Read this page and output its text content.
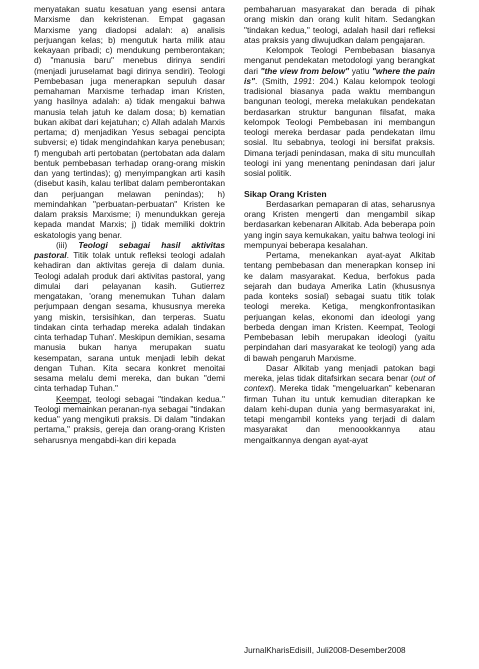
menyatakan suatu kesatuan yang esensi antara Marxisme dan kekristenan. Empat gagasan Marxisme yang diadopsi adalah: a) analisis perjuangan kelas; b) mengutuk harta milik atau kekayaan pribadi; c) mendukung pemberontakan; d) "manusia baru" menebus dirinya sendiri (menjadi juruselamat bagi dirinya sendiri). Teologi Pembebasan juga menerapkan sepuluh dasar pemahaman Marxisme terhadap iman Kristen, yang hasilnya adalah: a) tidak mengakui bahwa manusia telah jatuh ke dalam dosa; b) kematian bukan akibat dari kejatuhan; c) Allah adalah Marxis pertama; d) menjadikan Yesus sebagai pencipta subversi; e) tidak mengindahkan karya penebusan; f) mengubah arti pertobatan (pertobatan ada dalam bentuk pembebasan terhadap orang-orang miskin dan yang tertindas); g) menyimpangkan arti kasih (disebut kasih, kalau terlibat dalam pemberontakan dan perjuangan melawan penindas); h) memindahkan "perbuatan-perbuatan" Kristen ke dalam praksis Marxisme; i) menundukkan gereja kepada mandat Marxis; j) tidak memiliki doktrin eskatologis yang benar.

(iii) Teologi sebagai hasil aktivitas pastoral. Titik tolak untuk refleksi teologi adalah kehadiran dan aktivitas gereja di dalam dunia. Teologi adalah produk dari aktivitas pastoral, yang dimulai dari pelayanan kasih. Gutierrez mengatakan, 'orang menemukan Tuhan dalam perjumpaan dengan sesama, khususnya mereka yang miskin, tersisihkan, dan terperas. Suatu tindakan cinta terhadap mereka adalah tindakan cinta terhadap Tuhan'. Meskipun demikian, sesama manusia bukan hanya merupakan suatu kesempatan, sarana untuk menjadi lebih dekat dengan Tuhan. Kita secara konkret menoitai sesama melalu demi mereka, dan bukan "demi cinta terhadap Tuhan."

Keempat, teologi sebagai "tindakan kedua." Teologi memainkan peranan-nya sebagai "tindakan kedua" yang mengikuti praksis. Di dalam "tindakan pertama," praksis, gereja dan orang-orang Kristen seharusnya mengabdi-kan diri kepada

pembaharuan masyarakat dan berada di pihak orang miskin dan orang kulit hitam. Sedangkan "tindakan kedua," teologi, adalah hasil dari refleksi atas praksis yang diwujudkan dalam pengajaran.

Kelompok Teologi Pembebasan biasanya menganut pendekatan metodologi yang berangkat dari "the view from below" yatiu "where the pain is". (Smith, 1991: 204.) Kalau kelompok teologi tradisional biasanya pada waktu membangun bangunan teologi, mereka melakukan pendekatan berdasarkan struktur bangunan filsafat, maka kelompok Teologi Pembebasan ini membangun teologi mereka berdasar pada pendekatan ilmu sosial. Itu sebabnya, teologi ini bersifat praksis. Dimana terjadi penindasan, maka di situ muncullah teologi ini yang menentang penindasan dari jalur sosial politik.

Sikap Orang Kristen

Berdasarkan pemaparan di atas, seharusnya orang Kristen mengerti dan mengambil sikap berdasarkan kebenaran Alkitab. Ada beberapa poin yang ingin saya kemukakan, yaitu bahwa teologi ini mempunyai beberapa kesalahan.

Pertama, menekankan ayat-ayat Alkitab tentang pembebasan dan menerapkan konsep ini ke dalam masyarakat. Kedua, berfokus pada sejarah dan budaya Amerika Latin (khususnya pada konteks sosial) sebagai suatu titik tolak teologi mereka. Ketiga, mengkonfrontasikan perjuangan kelas, ekonomi dan ideologi yang berbeda dengan iman Kristen. Keempat, Teologi Pembebasan lebih merupakan ideologi (yaitu perpindahan dari masyarakat ke teologi) yang ada di bawah pengaruh Marxisme.

Dasar Alkitab yang menjadi patokan bagi mereka, jelas tidak ditafsirkan secara benar (out of context). Mereka tidak "mengeluarkan" kebenaran firman Tuhan itu untuk kemudian diterapkan ke dalam kehi-dupan dunia yang bermasyarakat ini, tetapi mengambil konteks yang terjadi di dalam masyarakat dan menoookkannya atau mengaitkannya dengan ayat-ayat

JurnalKharisEdisiII, Juli2008-Desember2008
